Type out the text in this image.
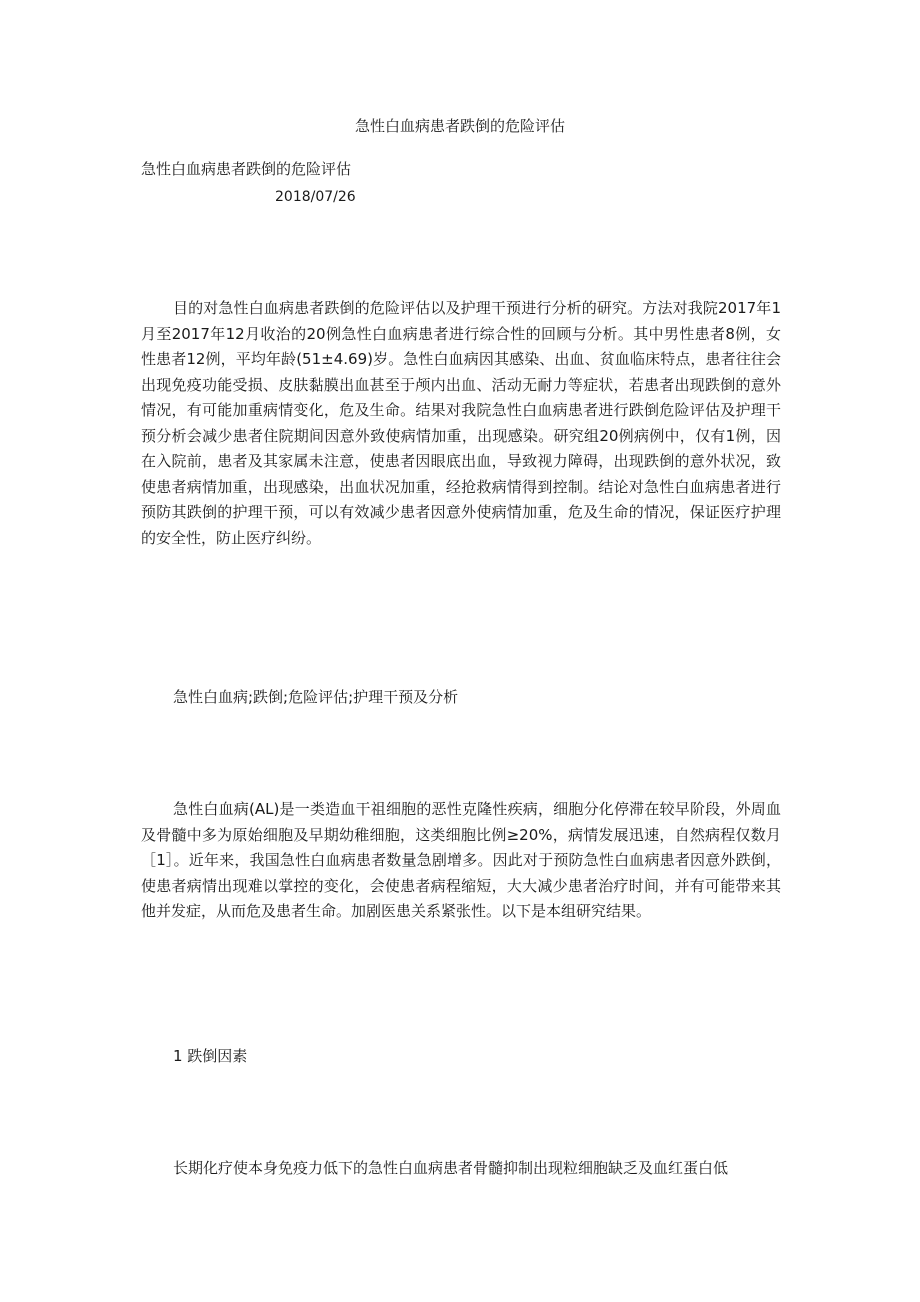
急性白血病患者跌倒的危险评估
急性白血病患者跌倒的危险评估
2018/07/26

目的对急性白血病患者跌倒的危险评估以及护理干预进行分析的研究。方法对我院2017年1月至2017年12月收治的20例急性白血病患者进行综合性的回顾与分析。其中男性患者8例，女性患者12例，平均年龄(51±4.69)岁。急性白血病因其感染、出血、贫血临床特点，患者往往会出现免疫功能受损、皮肤黏膜出血甚至于颅内出血、活动无耐力等症状，若患者出现跌倒的意外情况，有可能加重病情变化，危及生命。结果对我院急性白血病患者进行跌倒危险评估及护理干预分析会减少患者住院期间因意外致使病情加重，出现感染。研究组20例病例中，仅有1例，因在入院前，患者及其家属未注意，使患者因眼底出血，导致视力障碍，出现跌倒的意外状况，致使患者病情加重，出现感染，出血状况加重，经抢救病情得到控制。结论对急性白血病患者进行预防其跌倒的护理干预，可以有效减少患者因意外使病情加重，危及生命的情况，保证医疗护理的安全性，防止医疗纠纷。

急性白血病;跌倒;危险评估;护理干预及分析

急性白血病(AL)是一类造血干祖细胞的恶性克隆性疾病，细胞分化停滞在较早阶段，外周血及骨髓中多为原始细胞及早期幼稚细胞，这类细胞比例≥20%，病情发展迅速，自然病程仅数月［1］。近年来，我国急性白血病患者数量急剧增多。因此对于预防急性白血病患者因意外跌倒，使患者病情出现难以掌控的变化，会使患者病程缩短，大大减少患者治疗时间，并有可能带来其他并发症，从而危及患者生命。加剧医患关系紧张性。以下是本组研究结果。

1 跌倒因素

长期化疗使本身免疫力低下的急性白血病患者骨髓抑制出现粒细胞缺乏及血红蛋白低
